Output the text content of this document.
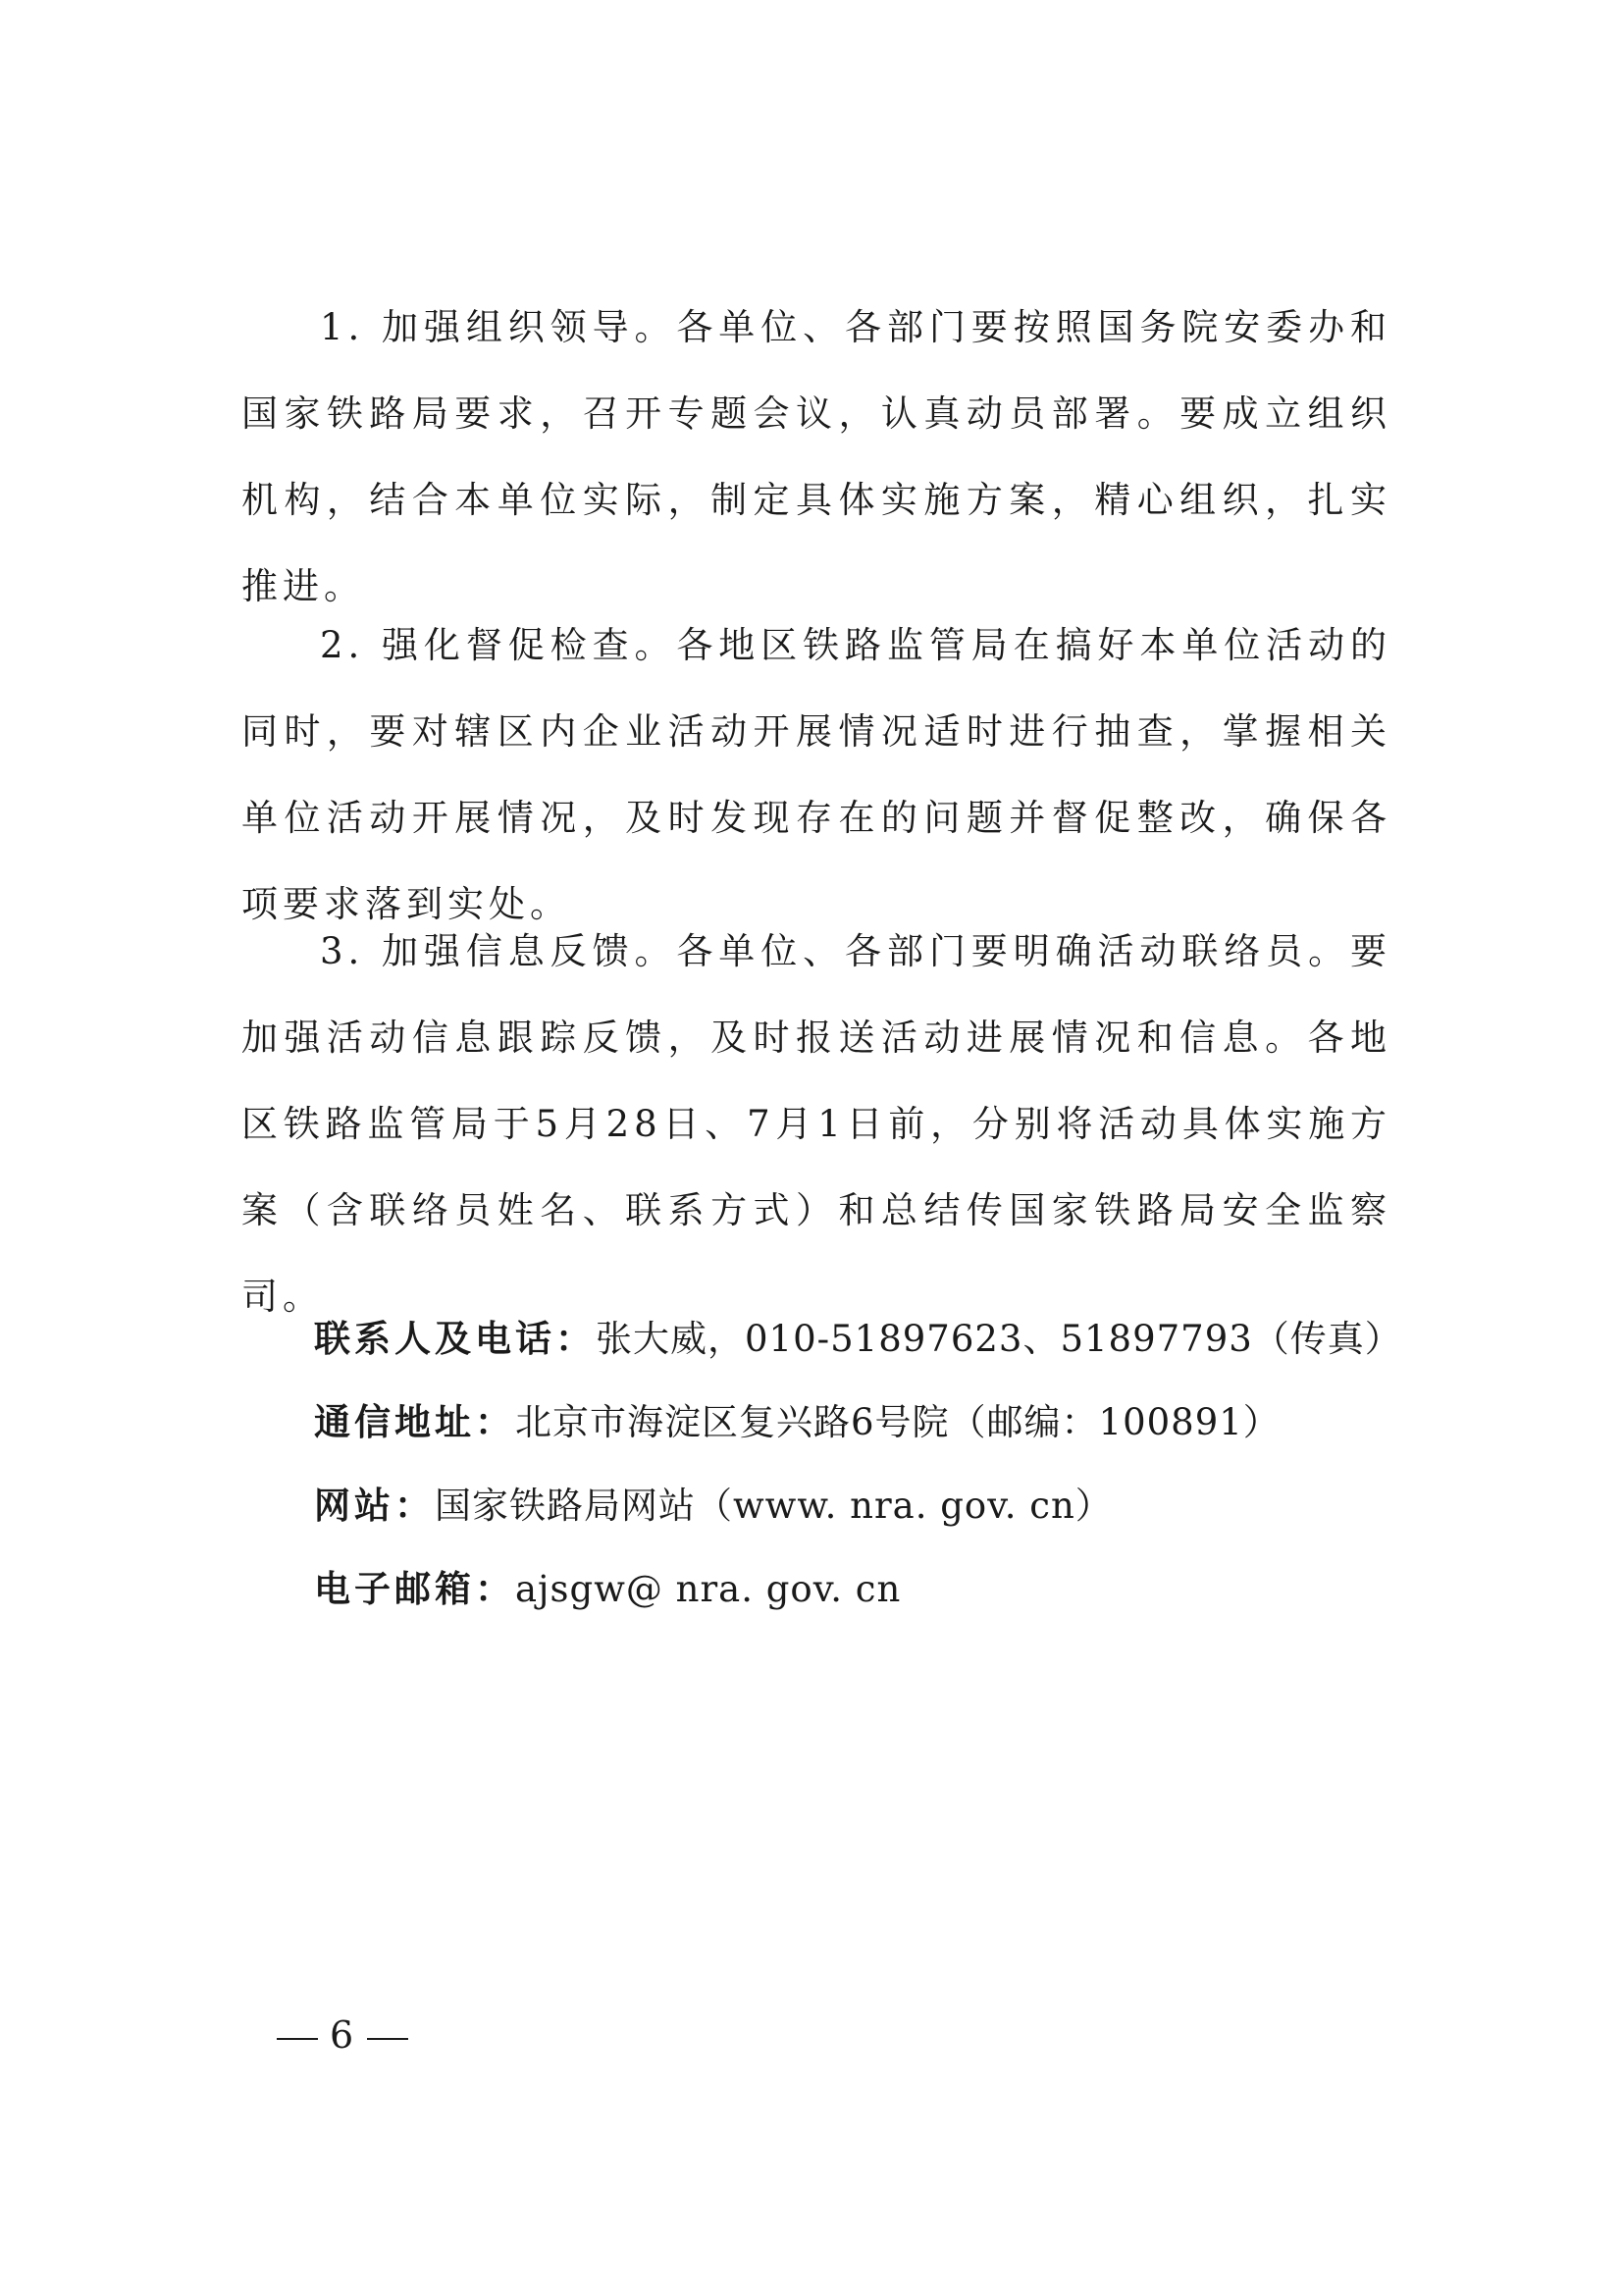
1. 加强组织领导。各单位、各部门要按照国务院安委办和国家铁路局要求，召开专题会议，认真动员部署。要成立组织机构，结合本单位实际，制定具体实施方案，精心组织，扎实推进。

2. 强化督促检查。各地区铁路监管局在搞好本单位活动的同时，要对辖区内企业活动开展情况适时进行抽查，掌握相关单位活动开展情况，及时发现存在的问题并督促整改，确保各项要求落到实处。

3. 加强信息反馈。各单位、各部门要明确活动联络员。要加强活动信息跟踪反馈，及时报送活动进展情况和信息。各地区铁路监管局于5月28日、7月1日前，分别将活动具体实施方案（含联络员姓名、联系方式）和总结传国家铁路局安全监察司。

联系人及电话：张大威，010-51897623、51897793（传真）
通信地址：北京市海淀区复兴路6号院（邮编：100891）
网站：国家铁路局网站（www. nra. gov. cn）
电子邮箱：ajsgw@ nra. gov. cn
6
